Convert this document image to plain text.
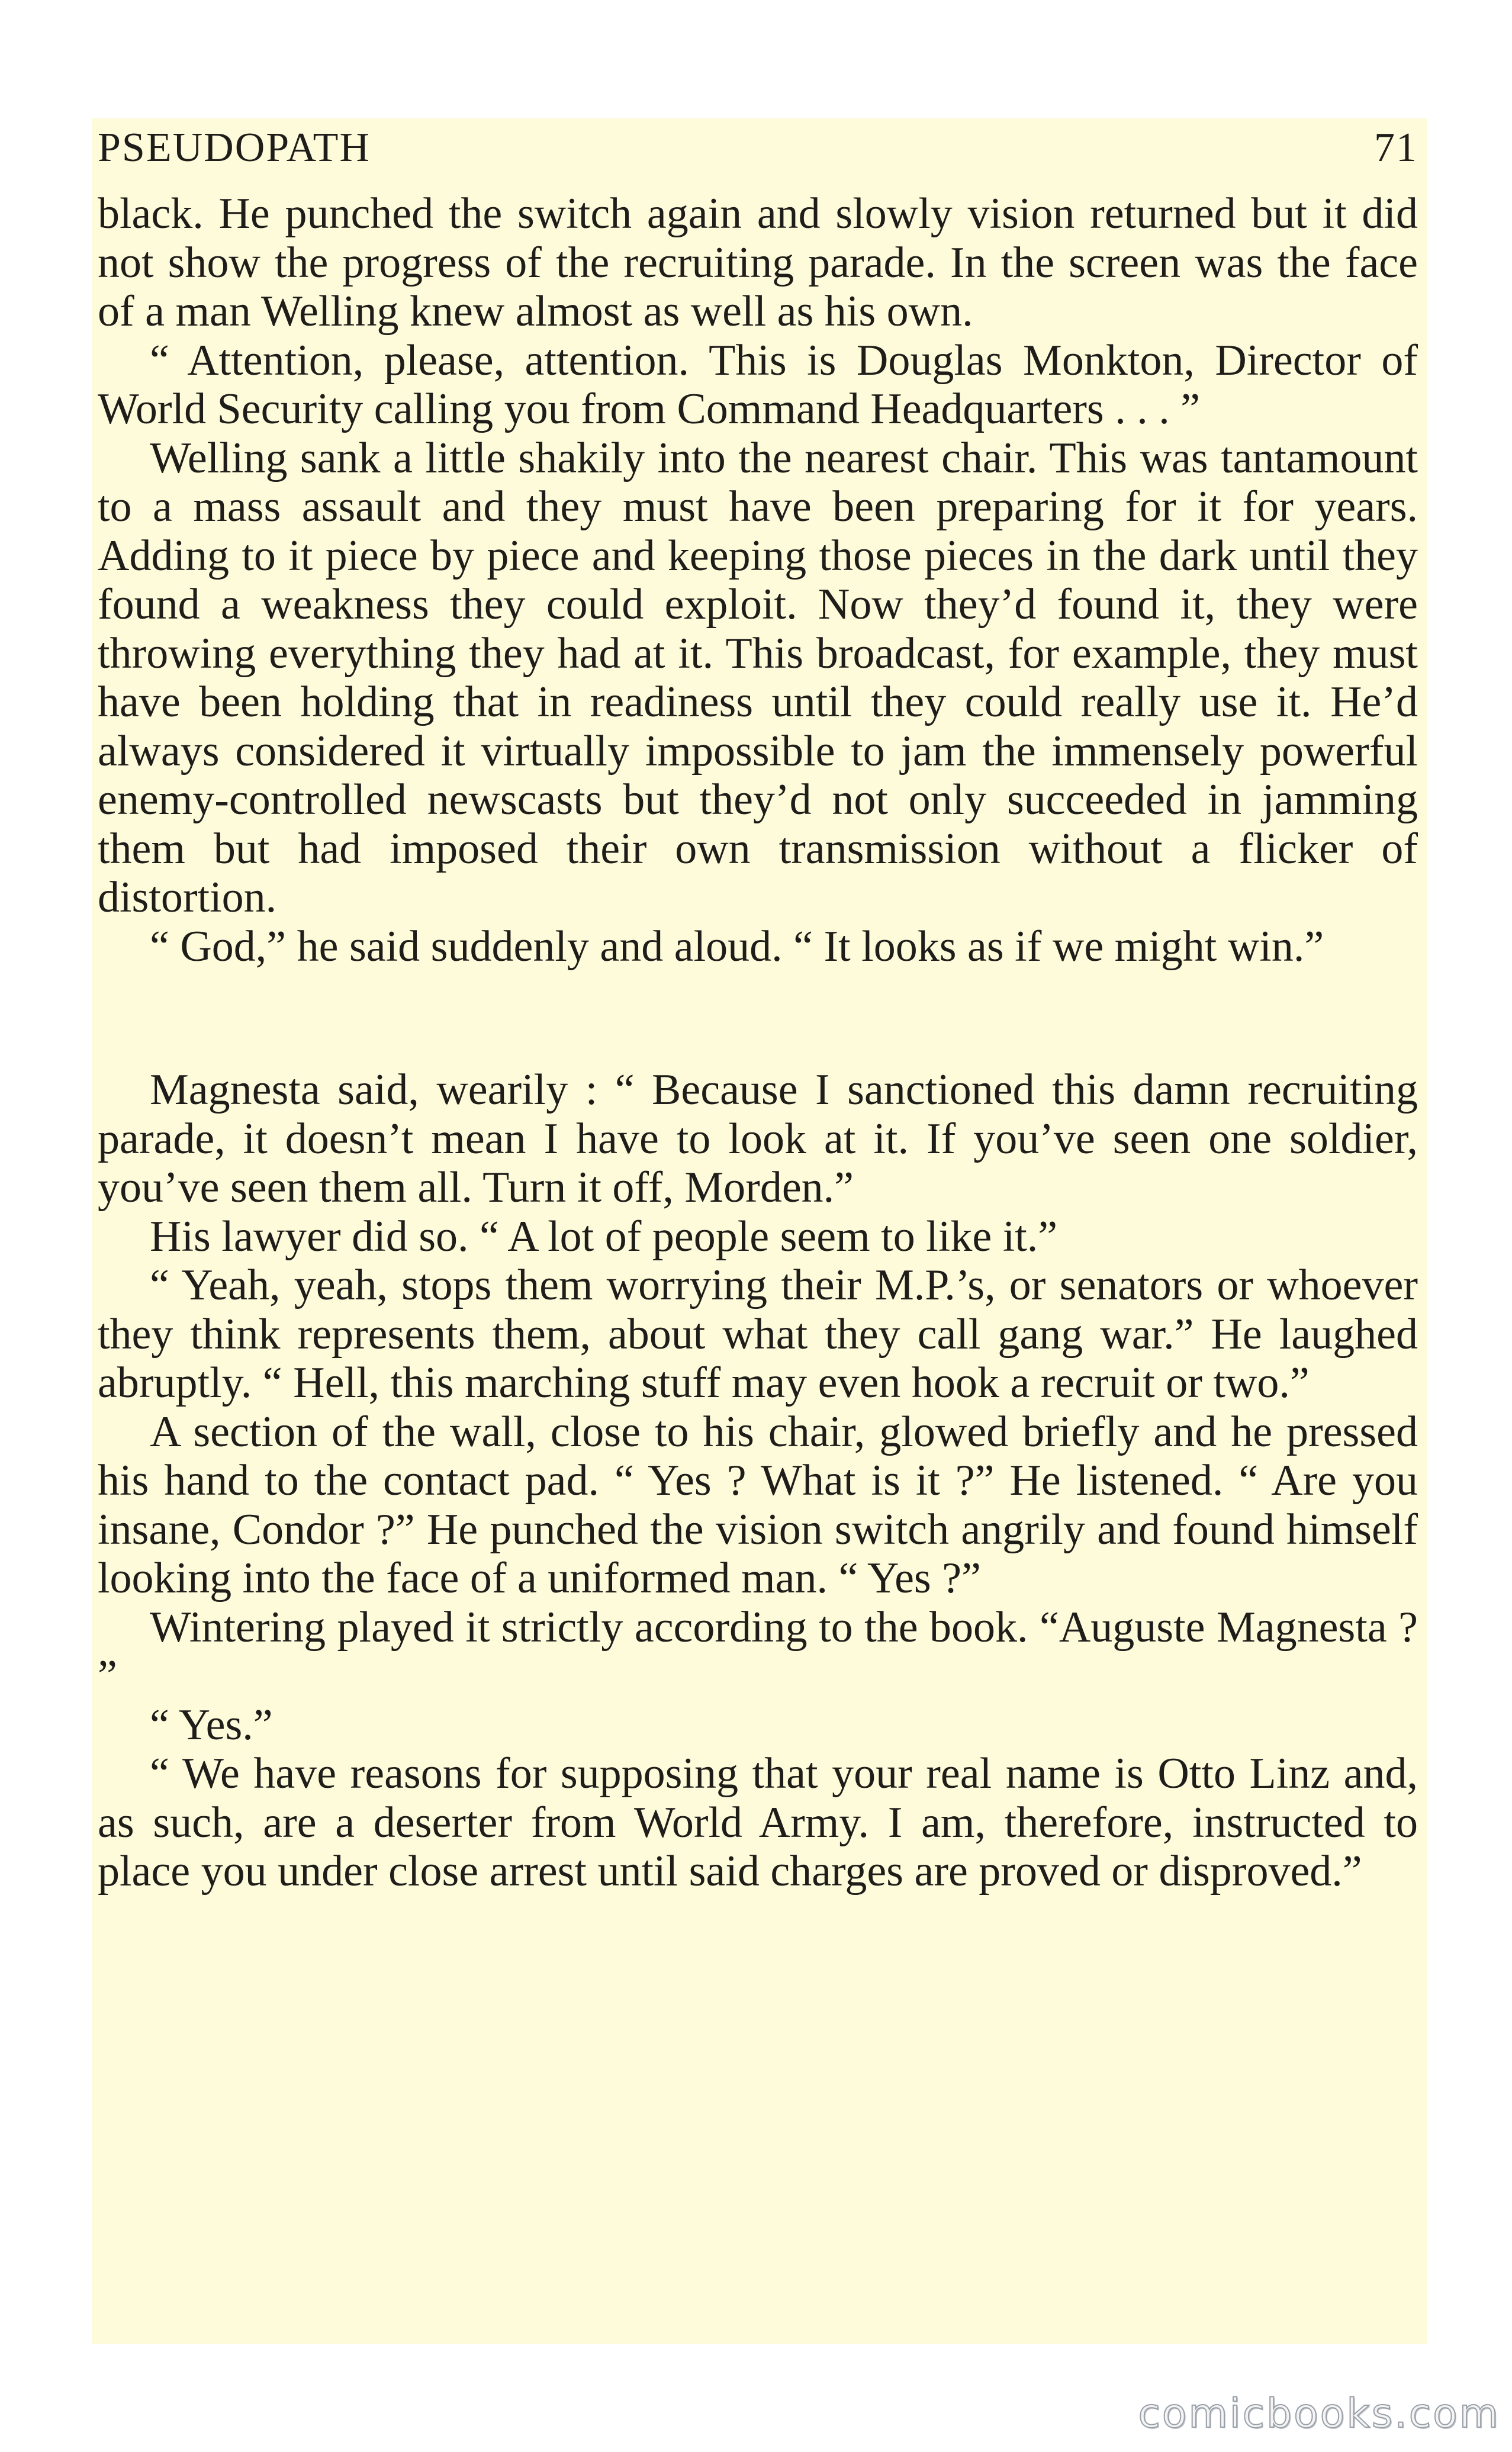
PSEUDOPATH	71

black. He punched the switch again and slowly vision returned but it did not show the progress of the recruiting parade. In the screen was the face of a man Welling knew almost as well as his own.

“ Attention, please, attention. This is Douglas Monkton, Director of World Security calling you from Command Headquarters . . . ”

Welling sank a little shakily into the nearest chair. This was tantamount to a mass assault and they must have been preparing for it for years. Adding to it piece by piece and keeping those pieces in the dark until they found a weakness they could exploit. Now they’d found it, they were throwing everything they had at it. This broadcast, for example, they must have been holding that in readiness until they could really use it. He’d always considered it virtually impossible to jam the immensely powerful enemy-controlled newscasts but they’d not only succeeded in jamming them but had imposed their own transmission without a flicker of distortion.

“ God,” he said suddenly and aloud. “ It looks as if we might win.”

Magnesta said, wearily : “ Because I sanctioned this damn recruiting parade, it doesn’t mean I have to look at it. If you’ve seen one soldier, you’ve seen them all. Turn it off, Morden.”

His lawyer did so. “ A lot of people seem to like it.”

“ Yeah, yeah, stops them worrying their M.P.’s, or senators or whoever they think represents them, about what they call gang war.” He laughed abruptly. “ Hell, this marching stuff may even hook a recruit or two.”

A section of the wall, close to his chair, glowed briefly and he pressed his hand to the contact pad. “ Yes ? What is it ?” He listened. “ Are you insane, Condor ?” He punched the vision switch angrily and found himself looking into the face of a uniformed man. “ Yes ?”

Wintering played it strictly according to the book. “Auguste Magnesta ? ”

“ Yes.”

“ We have reasons for supposing that your real name is Otto Linz and, as such, are a deserter from World Army. I am, therefore, instructed to place you under close arrest until said charges are proved or disproved.”

comicbooks.com
